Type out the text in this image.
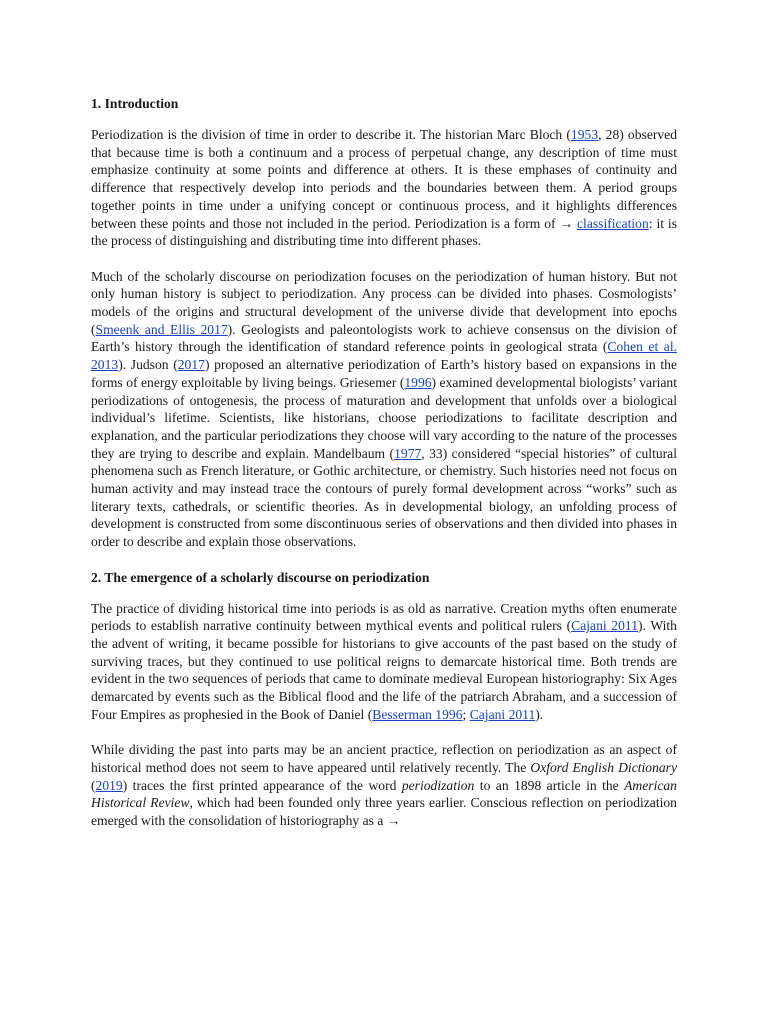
1. Introduction

Periodization is the division of time in order to describe it. The historian Marc Bloch (1953, 28) observed that because time is both a continuum and a process of perpetual change, any description of time must emphasize continuity at some points and difference at others. It is these emphases of continuity and difference that respectively develop into periods and the boundaries between them. A period groups together points in time under a unifying concept or continuous process, and it highlights differences between these points and those not included in the period. Periodization is a form of → classification: it is the process of distinguishing and distributing time into different phases.

Much of the scholarly discourse on periodization focuses on the periodization of human history. But not only human history is subject to periodization. Any process can be divided into phases. Cosmologists’ models of the origins and structural development of the universe divide that development into epochs (Smeenk and Ellis 2017). Geologists and paleontologists work to achieve consensus on the division of Earth’s history through the identification of standard reference points in geological strata (Cohen et al. 2013). Judson (2017) proposed an alternative periodization of Earth’s history based on expansions in the forms of energy exploitable by living beings. Griesemer (1996) examined developmental biologists’ variant periodizations of ontogenesis, the process of maturation and development that unfolds over a biological individual’s lifetime. Scientists, like historians, choose periodizations to facilitate description and explanation, and the particular periodizations they choose will vary according to the nature of the processes they are trying to describe and explain. Mandelbaum (1977, 33) considered “special histories” of cultural phenomena such as French literature, or Gothic architecture, or chemistry. Such histories need not focus on human activity and may instead trace the contours of purely formal development across “works” such as literary texts, cathedrals, or scientific theories. As in developmental biology, an unfolding process of development is constructed from some discontinuous series of observations and then divided into phases in order to describe and explain those observations.

2. The emergence of a scholarly discourse on periodization

The practice of dividing historical time into periods is as old as narrative. Creation myths often enumerate periods to establish narrative continuity between mythical events and political rulers (Cajani 2011). With the advent of writing, it became possible for historians to give accounts of the past based on the study of surviving traces, but they continued to use political reigns to demarcate historical time. Both trends are evident in the two sequences of periods that came to dominate medieval European historiography: Six Ages demarcated by events such as the Biblical flood and the life of the patriarch Abraham, and a succession of Four Empires as prophesied in the Book of Daniel (Besserman 1996; Cajani 2011).

While dividing the past into parts may be an ancient practice, reflection on periodization as an aspect of historical method does not seem to have appeared until relatively recently. The Oxford English Dictionary (2019) traces the first printed appearance of the word periodization to an 1898 article in the American Historical Review, which had been founded only three years earlier. Conscious reflection on periodization emerged with the consolidation of historiography as a →
